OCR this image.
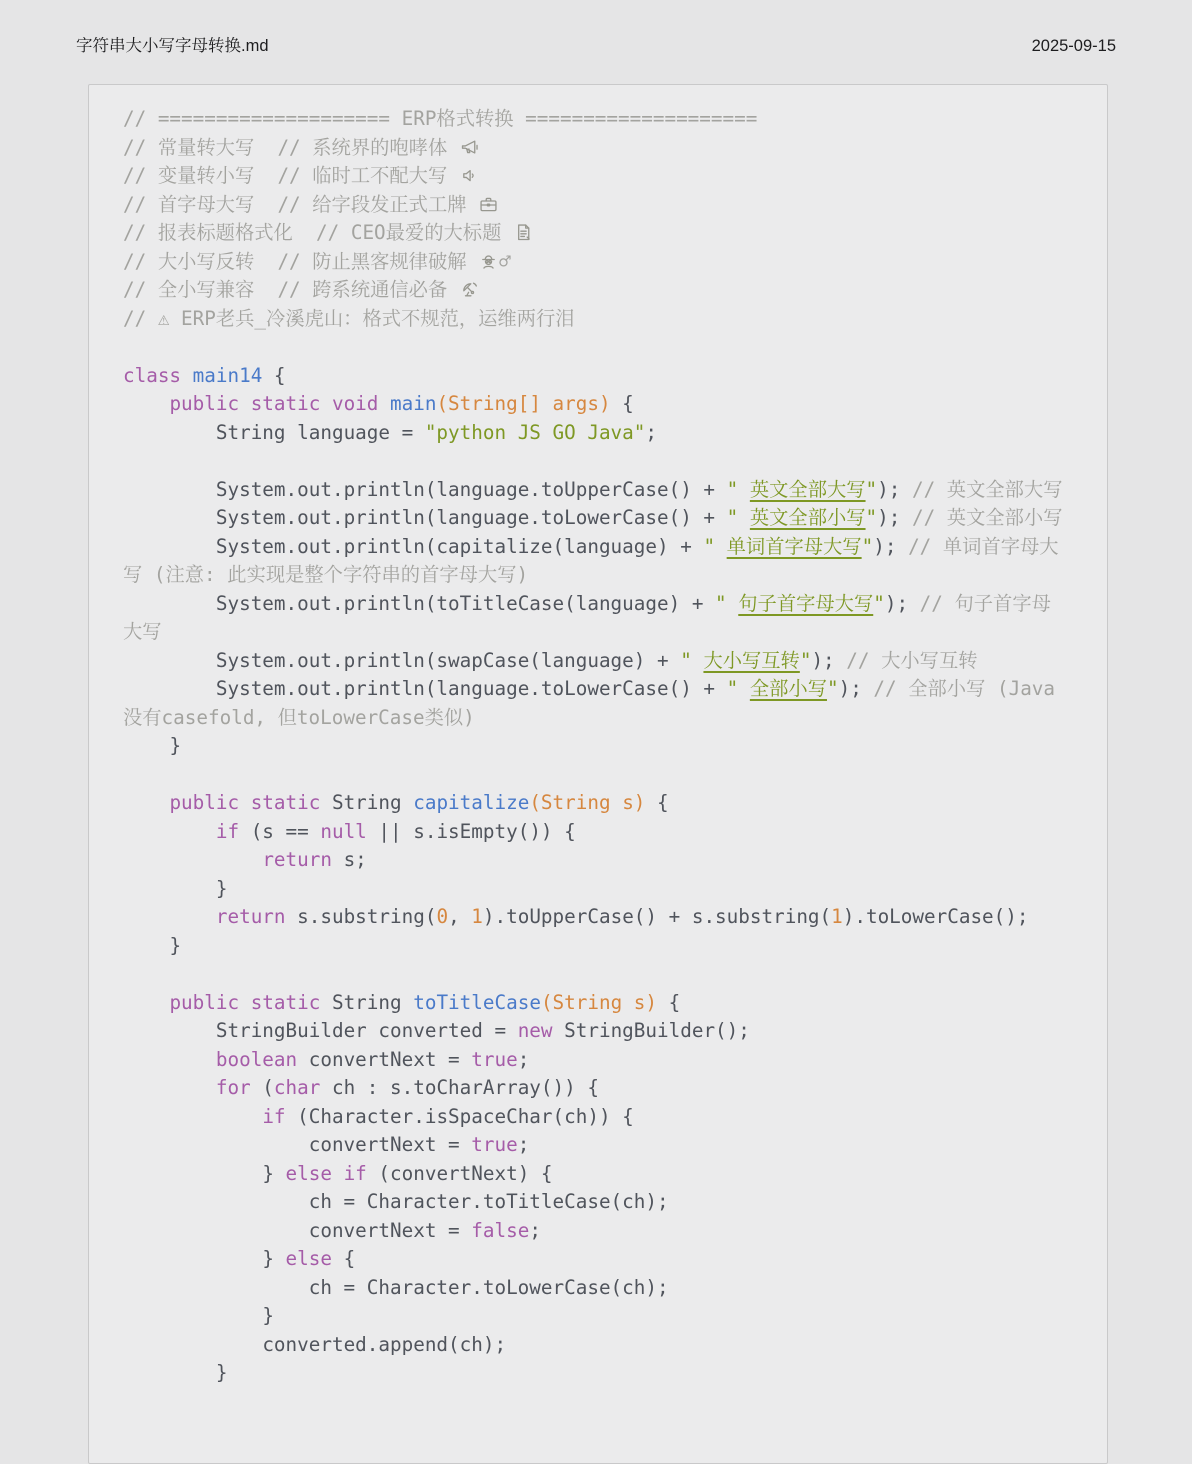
字符串大小写字母转换.md	2025-09-15
// ==================== ERP格式转换 ====================
// 常量转大写  // 系统界的咆哮体
// 变量转小写  // 临时工不配大写
// 首字母大写  // 给字段发正式工牌
// 报表标题格式化  // CEO最爱的大标题
// 大小写反转  // 防止黑客规律破解 ♂
// 全小写兼容  // 跨系统通信必备
// ⚠ ERP老兵_冷溪虎山：格式不规范，运维两行泪
class main14 {
public static void main(String[] args) {
String language = "python JS GO Java";
System.out.println(language.toUpperCase() + " 英文全部大写"); // 英文全部大写
System.out.println(language.toLowerCase() + " 英文全部小写"); // 英文全部小写
System.out.println(capitalize(language) + " 单词首字母大写"); // 单词首字母大写 (注意: 此实现是整个字符串的首字母大写)
System.out.println(toTitleCase(language) + " 句子首字母大写"); // 句子首字母大写
System.out.println(swapCase(language) + " 大小写互转"); // 大小写互转
System.out.println(language.toLowerCase() + " 全部小写"); // 全部小写 (Java没有casefold, 但toLowerCase类似)
}
public static String capitalize(String s) {
if (s == null || s.isEmpty()) {
return s;
}
return s.substring(0, 1).toUpperCase() + s.substring(1).toLowerCase();
}
public static String toTitleCase(String s) {
StringBuilder converted = new StringBuilder();
boolean convertNext = true;
for (char ch : s.toCharArray()) {
if (Character.isSpaceChar(ch)) {
convertNext = true;
} else if (convertNext) {
ch = Character.toTitleCase(ch);
convertNext = false;
} else {
ch = Character.toLowerCase(ch);
}
converted.append(ch);
}
